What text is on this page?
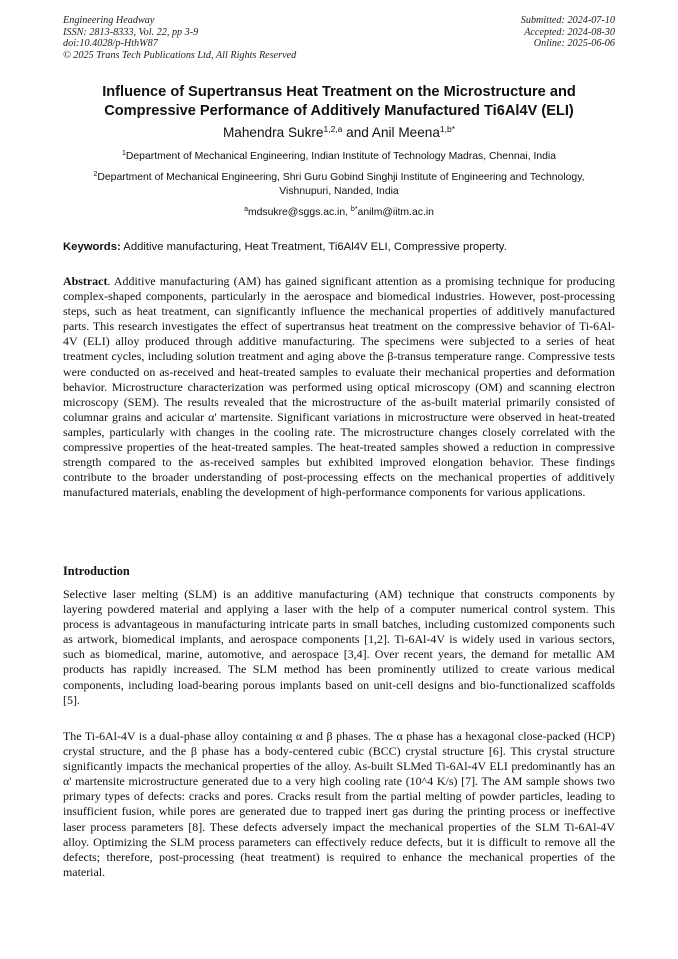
Engineering Headway
ISSN: 2813-8333, Vol. 22, pp 3-9
doi:10.4028/p-HthW87
© 2025 Trans Tech Publications Ltd, All Rights Reserved
Submitted: 2024-07-10
Accepted: 2024-08-30
Online: 2025-06-06
Influence of Supertransus Heat Treatment on the Microstructure and
Compressive Performance of Additively Manufactured Ti6Al4V (ELI)
Mahendra Sukre$^{1,2,a}$ and Anil Meena$^{1,b*}$
$^1$Department of Mechanical Engineering, Indian Institute of Technology Madras, Chennai, India
$^2$Department of Mechanical Engineering, Shri Guru Gobind Singhji Institute of Engineering and Technology,
Vishnupuri, Nanded, India
$^a$mdsukre@sggs.ac.in, $^{b*}$anilm@iitm.ac.in
Keywords: Additive manufacturing, Heat Treatment, Ti6Al4V ELI, Compressive property.
Abstract. Additive manufacturing (AM) has gained significant attention as a promising technique for producing complex-shaped components, particularly in the aerospace and biomedical industries. However, post-processing steps, such as heat treatment, can significantly influence the mechanical properties of additively manufactured parts. This research investigates the effect of supertransus heat treatment on the compressive behavior of Ti-6Al-4V (ELI) alloy produced through additive manufacturing. The specimens were subjected to a series of heat treatment cycles, including solution treatment and aging above the β-transus temperature range. Compressive tests were conducted on as-received and heat-treated samples to evaluate their mechanical properties and deformation behavior. Microstructure characterization was performed using optical microscopy (OM) and scanning electron microscopy (SEM). The results revealed that the microstructure of the as-built material primarily consisted of columnar grains and acicular α' martensite. Significant variations in microstructure were observed in heat-treated samples, particularly with changes in the cooling rate. The microstructure changes closely correlated with the compressive properties of the heat-treated samples. The heat-treated samples showed a reduction in compressive strength compared to the as-received samples but exhibited improved elongation behavior. These findings contribute to the broader understanding of post-processing effects on the mechanical properties of additively manufactured materials, enabling the development of high-performance components for various applications.
Introduction
Selective laser melting (SLM) is an additive manufacturing (AM) technique that constructs components by layering powdered material and applying a laser with the help of a computer numerical control system. This process is advantageous in manufacturing intricate parts in small batches, including customized components such as artwork, biomedical implants, and aerospace components [1,2]. Ti-6Al-4V is widely used in various sectors, such as biomedical, marine, automotive, and aerospace [3,4]. Over recent years, the demand for metallic AM products has rapidly increased. The SLM method has been prominently utilized to create various medical components, including load-bearing porous implants based on unit-cell designs and bio-functionalized scaffolds [5].
The Ti-6Al-4V is a dual-phase alloy containing α and β phases. The α phase has a hexagonal close-packed (HCP) crystal structure, and the β phase has a body-centered cubic (BCC) crystal structure [6]. This crystal structure significantly impacts the mechanical properties of the alloy. As-built SLMed Ti-6Al-4V ELI predominantly has an α' martensite microstructure generated due to a very high cooling rate (10^4 K/s) [7]. The AM sample shows two primary types of defects: cracks and pores. Cracks result from the partial melting of powder particles, leading to insufficient fusion, while pores are generated due to trapped inert gas during the printing process or ineffective laser process parameters [8]. These defects adversely impact the mechanical properties of the SLM Ti-6Al-4V alloy. Optimizing the SLM process parameters can effectively reduce defects, but it is difficult to remove all the defects; therefore, post-processing (heat treatment) is required to enhance the mechanical properties of the material.
